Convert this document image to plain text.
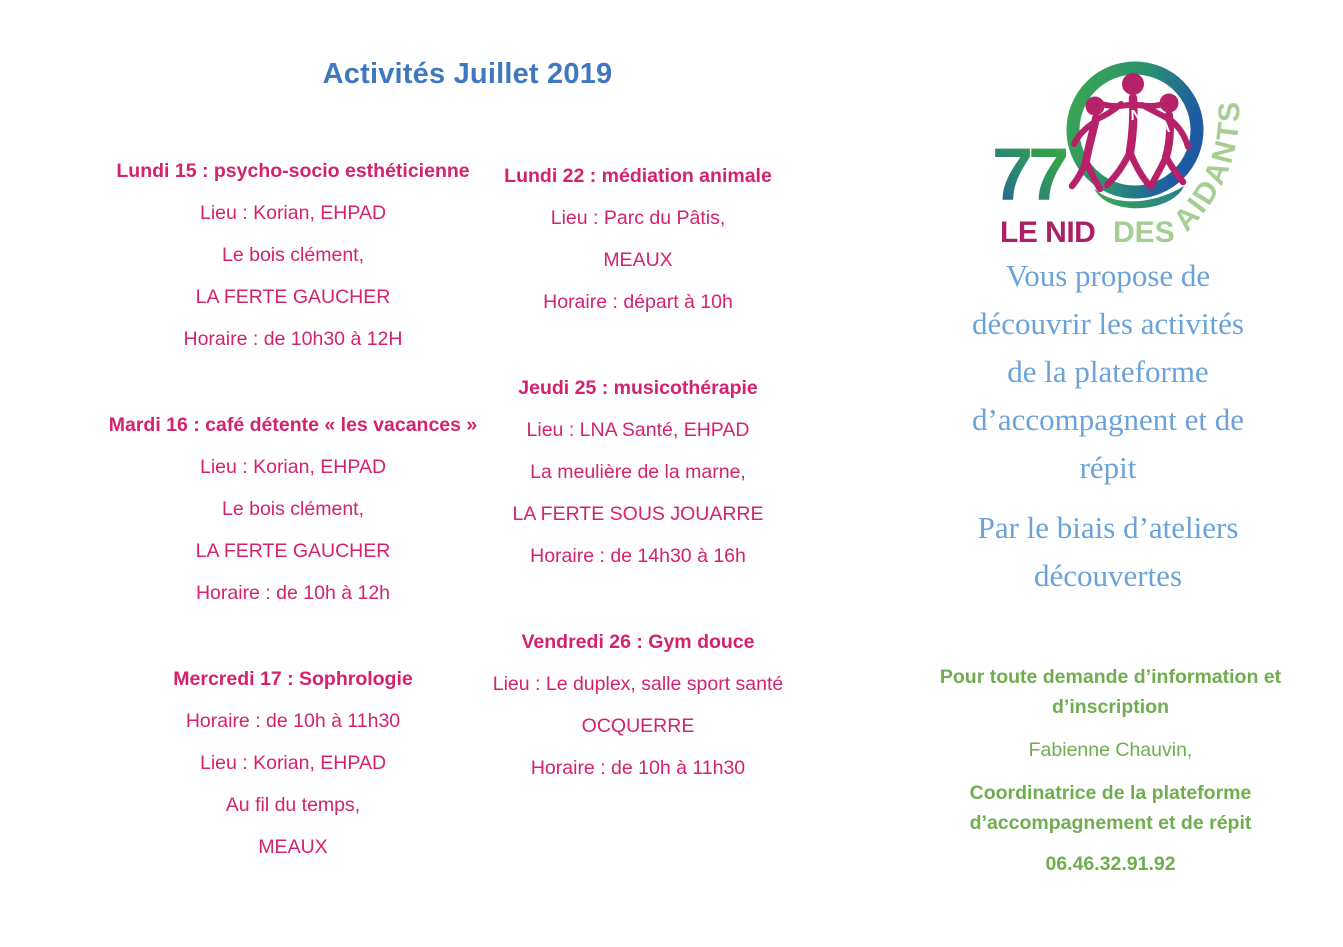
Activités Juillet 2019

Lundi 15 : psycho-socio esthéticienne

Lieu : Korian, EHPAD

Le bois clément,

LA FERTE GAUCHER

Horaire : de 10h30 à 12H

Mardi 16 : café détente « les vacances »

Lieu : Korian, EHPAD

Le bois clément,

LA FERTE GAUCHER

Horaire : de 10h à 12h

Mercredi 17 : Sophrologie

Horaire : de 10h à 11h30

Lieu : Korian, EHPAD

Au fil du temps,

MEAUX

Lundi 22 : médiation animale

Lieu : Parc du Pâtis,

MEAUX

Horaire : départ à 10h

Jeudi 25 : musicothérapie

Lieu : LNA Santé, EHPAD

La meulière de la marne,

LA FERTE SOUS JOUARRE

Horaire : de 14h30 à 16h

Vendredi 26 : Gym douce

Lieu : Le duplex, salle sport santé

OCQUERRE

Horaire : de 10h à 11h30

77
L
N
A
LE NID DES
AIDANTS
Vous propose de
découvrir les activités
de la plateforme
d’accompagnent et de
répit
Par le biais d’ateliers
découvertes
Pour toute demande d’information et
d’inscription
Fabienne Chauvin,
Coordinatrice de la plateforme
d’accompagnement et de répit
06.46.32.91.92
